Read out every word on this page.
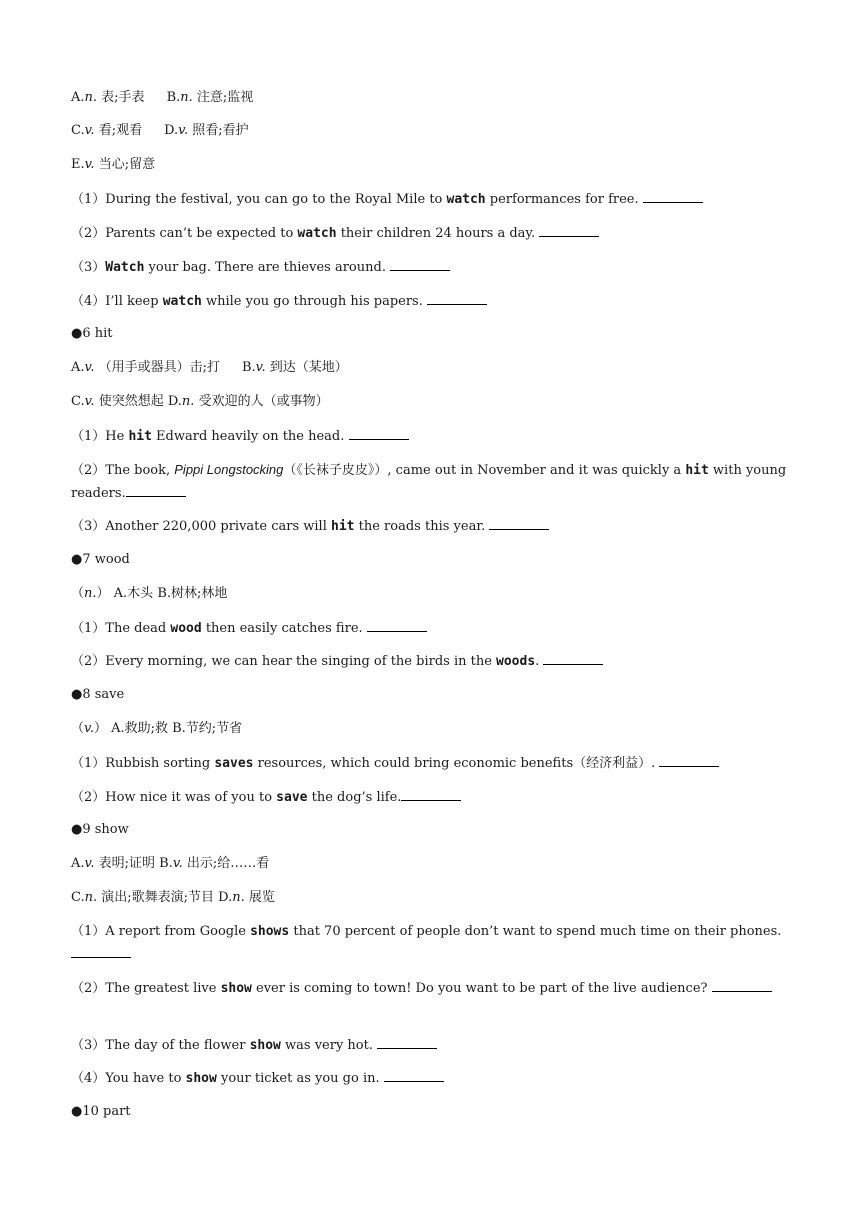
A.n. 表;手表 B.n. 注意;监视
C.v. 看;观看 D.v. 照看;看护
E.v. 当心;留意
（1）During the festival, you can go to the Royal Mile to watch performances for free.
（2）Parents can’t be expected to watch their children 24 hours a day.
（3）Watch your bag. There are thieves around.
（4）I’ll keep watch while you go through his papers.
●6 hit
A.v. （用手或器具）击;打 B.v. 到达（某地）
C.v. 使突然想起 D.n. 受欢迎的人（或事物）
（1）He hit Edward heavily on the head.
（2）The book, Pippi Longstocking（《长袜子皮皮》）, came out in November and it was quickly a hit with young readers.
（3）Another 220,000 private cars will hit the roads this year.
●7 wood
（n.） A.木头 B.树林;林地
（1）The dead wood then easily catches fire.
（2）Every morning, we can hear the singing of the birds in the woods.
●8 save
（v.） A.救助;救 B.节约;节省
（1）Rubbish sorting saves resources, which could bring economic benefits（经济利益）.
（2）How nice it was of you to save the dog’s life.
●9 show
A.v. 表明;证明 B.v. 出示;给……看
C.n. 演出;歌舞表演;节目 D.n. 展览
（1）A report from Google shows that 70 percent of people don’t want to spend much time on their phones.
（2）The greatest live show ever is coming to town! Do you want to be part of the live audience?
（3）The day of the flower show was very hot.
（4）You have to show your ticket as you go in.
●10 part
